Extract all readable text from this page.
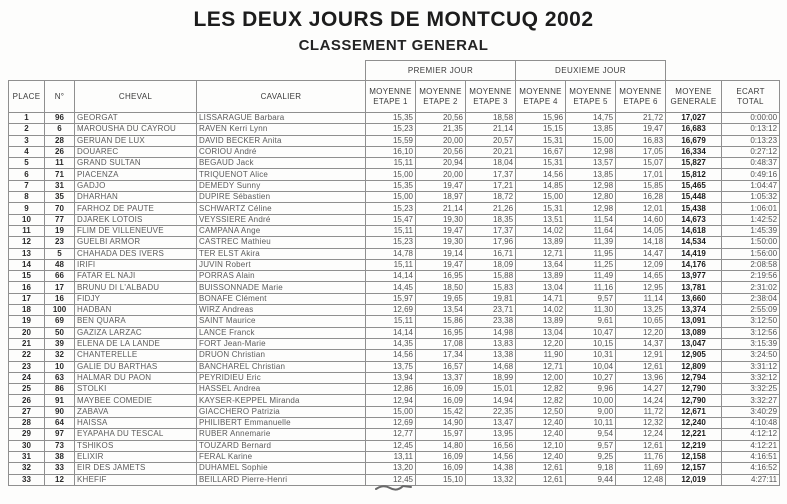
LES DEUX JOURS DE MONTCUQ 2002
CLASSEMENT GENERAL
				PREMIER JOUR			DEUXIEME JOUR				
PLACE	N°	CHEVAL	CAVALIER	MOYENNE ETAPE 1	MOYENNE ETAPE 2	MOYENNE ETAPE 3	MOYENNE ETAPE 4	MOYENNE ETAPE 5	MOYENNE ETAPE 6	MOYENE GENERALE	ECART TOTAL
1	96	GEORGAT	LISSARAGUE Barbara	15,35	20,56	18,58	15,96	14,75	21,72	17,027	0:00:00
2	6	MAROUSHA DU CAYROU	RAVEN Kerri Lynn	15,23	21,35	21,14	15,15	13,85	19,47	16,683	0:13:12
3	28	GERUAN DE LUX	DAVID BECKER Anita	15,59	20,00	20,57	15,31	15,00	16,83	16,679	0:13:23
4	26	DOUAREC	CORIOU André	16,10	20,56	20,21	16,67	12,98	17,05	16,334	0:27:12
5	11	GRAND SULTAN	BEGAUD Jack	15,11	20,94	18,04	15,31	13,57	15,07	15,827	0:48:37
6	71	PIACENZA	TRIQUENOT Alice	15,00	20,00	17,37	14,56	13,85	17,01	15,812	0:49:16
7	31	GADJO	DEMEDY Sunny	15,35	19,47	17,21	14,85	12,98	15,85	15,465	1:04:47
8	35	DHARHAN	DUPIRE Sébastien	15,00	18,97	18,72	15,00	12,80	16,28	15,448	1:05:32
9	70	FARHOZ DE PAUTE	SCHWARTZ Céline	15,23	21,14	21,26	15,31	12,98	12,01	15,438	1:06:01
10	77	DJAREK LOTOIS	VEYSSIERE André	15,47	19,30	18,35	13,51	11,54	14,60	14,673	1:42:52
11	19	FLIM DE VILLENEUVE	CAMPANA Ange	15,11	19,47	17,37	14,02	11,64	14,05	14,618	1:45:39
12	23	GUELBI ARMOR	CASTREC Mathieu	15,23	19,30	17,96	13,89	11,39	14,18	14,534	1:50:00
13	5	CHAHADA DES IVERS	TER ELST Akira	14,78	19,14	16,71	12,71	11,95	14,47	14,419	1:56:00
14	48	IRIFI	JUVIN Robert	15,11	19,47	18,09	13,64	11,25	12,09	14,176	2:08:58
15	66	FATAR EL NAJI	PORRAS Alain	14,14	16,95	15,88	13,89	11,49	14,65	13,977	2:19:56
16	17	BRUNU DI L'ALBADU	BUISSONNADE Marie	14,45	18,50	15,83	13,04	11,16	12,95	13,781	2:31:02
17	16	FIDJY	BONAFE Clément	15,97	19,65	19,81	14,71	9,57	11,14	13,660	2:38:04
18	100	HADBAN	WIRZ Andreas	12,69	13,54	23,71	14,02	11,30	13,25	13,374	2:55:09
19	69	BEN QUARA	SAINT Maurice	15,11	15,86	23,38	13,89	9,61	10,65	13,091	3:12:50
20	50	GAZIZA LARZAC	LANCE Franck	14,14	16,95	14,98	13,04	10,47	12,20	13,089	3:12:56
21	39	ELENA DE LA LANDE	FORT Jean-Marie	14,35	17,08	13,83	12,20	10,15	14,37	13,047	3:15:39
22	32	CHANTERELLE	DRUON Christian	14,56	17,34	13,38	11,90	10,31	12,91	12,905	3:24:50
23	10	GALIE DU BARTHAS	BANCHAREL Christian	13,75	16,57	14,68	12,71	10,04	12,61	12,809	3:31:12
24	63	HALMAR DU PAON	PEYRIDIEU Eric	13,94	13,37	18,99	12,00	10,27	13,96	12,794	3:32:12
25	86	STOLKI	HASSEL Andrea	12,86	16,09	15,01	12,82	9,96	14,27	12,790	3:32:25
26	91	MAYBEE COMEDIE	KAYSER-KEPPEL Miranda	12,94	16,09	14,94	12,82	10,00	14,24	12,790	3:32:27
27	90	ZABAVA	GIACCHERO Patrizia	15,00	15,42	22,35	12,50	9,00	11,72	12,671	3:40:29
28	64	HAISSA	PHILIBERT Emmanuelle	12,69	14,90	13,47	12,40	10,11	12,32	12,240	4:10:48
29	97	EYAPAHA DU TESCAL	RUBER Annemarie	12,77	15,97	13,95	12,40	9,54	12,24	12,221	4:12:12
30	73	TSHIKOS	TOUZARD Bernard	12,45	14,80	16,56	12,10	9,57	12,61	12,219	4:12:21
31	38	ELIXIR	FERAL Karine	13,11	16,09	14,56	12,40	9,25	11,76	12,158	4:16:51
32	33	EIR DES JAMETS	DUHAMEL Sophie	13,20	16,09	14,38	12,61	9,18	11,69	12,157	4:16:52
33	12	KHEFIF	BEILLARD Pierre-Henri	12,45	15,10	13,32	12,61	9,44	12,48	12,019	4:27:11
